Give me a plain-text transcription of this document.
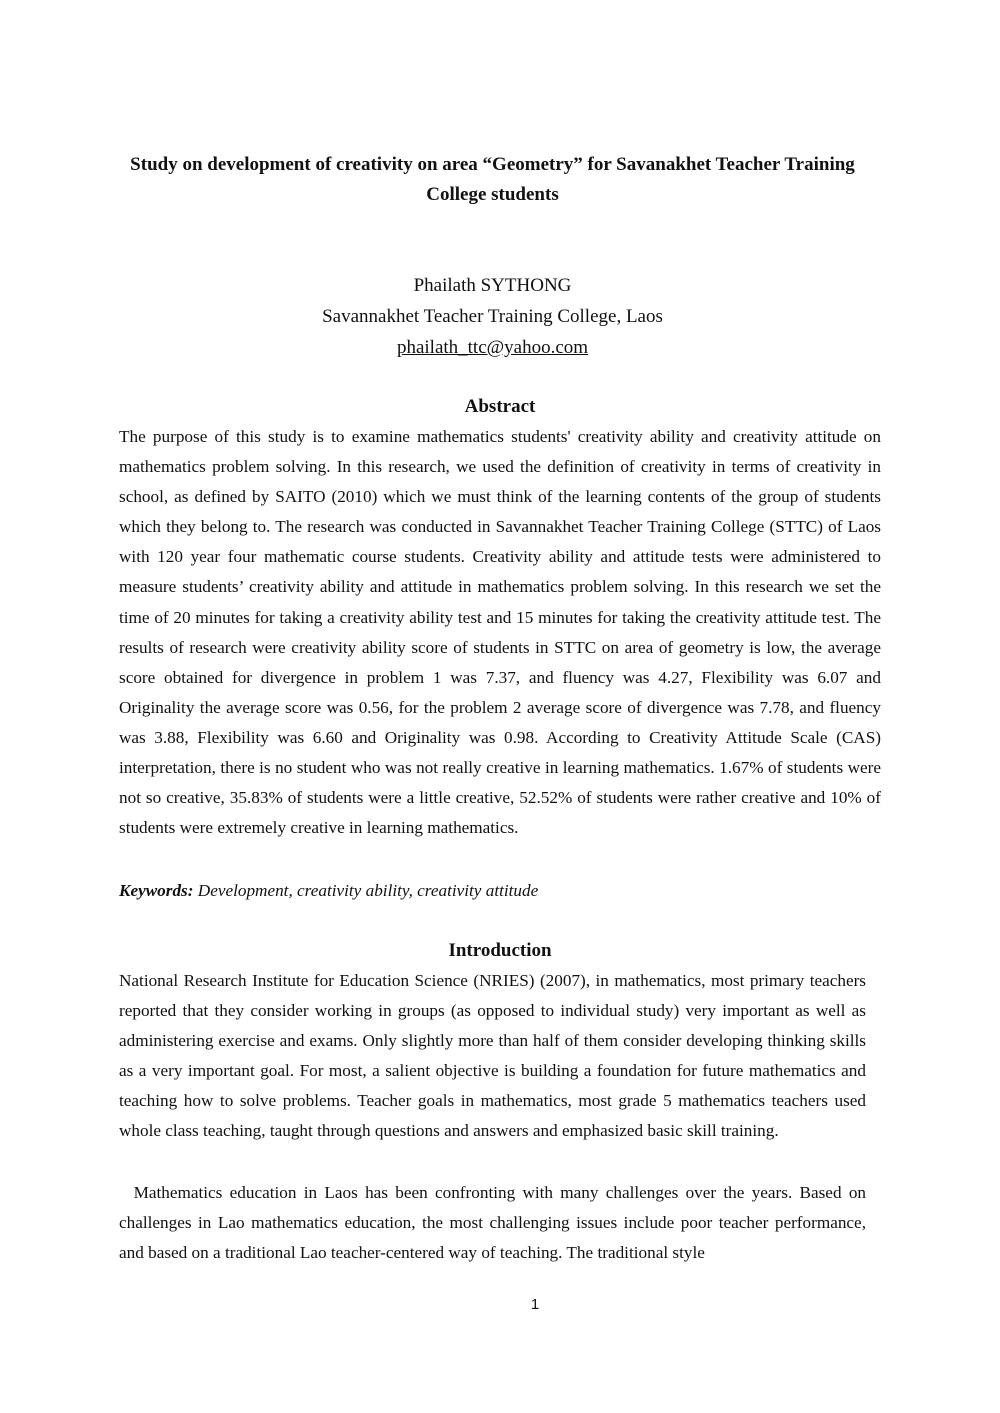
Study on development of creativity on area “Geometry” for Savanakhet Teacher Training College students
Phailath SYTHONG
Savannakhet Teacher Training College, Laos
phailath_ttc@yahoo.com
Abstract

The purpose of this study is to examine mathematics students' creativity ability and creativity attitude on mathematics problem solving. In this research, we used the definition of creativity in terms of creativity in school, as defined by SAITO (2010) which we must think of the learning contents of the group of students which they belong to. The research was conducted in Savannakhet Teacher Training College (STTC) of Laos with 120 year four mathematic course students. Creativity ability and attitude tests were administered to measure students’ creativity ability and attitude in mathematics problem solving. In this research we set the time of 20 minutes for taking a creativity ability test and 15 minutes for taking the creativity attitude test. The results of research were creativity ability score of students in STTC on area of geometry is low, the average score obtained for divergence in problem 1 was 7.37, and fluency was 4.27, Flexibility was 6.07 and Originality the average score was 0.56, for the problem 2 average score of divergence was 7.78, and fluency was 3.88, Flexibility was 6.60 and Originality was 0.98. According to Creativity Attitude Scale (CAS) interpretation, there is no student who was not really creative in learning mathematics. 1.67% of students were not so creative, 35.83% of students were a little creative, 52.52% of students were rather creative and 10% of students were extremely creative in learning mathematics.

Keywords: Development, creativity ability, creativity attitude

Introduction

National Research Institute for Education Science (NRIES) (2007), in mathematics, most primary teachers reported that they consider working in groups (as opposed to individual study) very important as well as administering exercise and exams. Only slightly more than half of them consider developing thinking skills as a very important goal. For most, a salient objective is building a foundation for future mathematics and teaching how to solve problems. Teacher goals in mathematics, most grade 5 mathematics teachers used whole class teaching, taught through questions and answers and emphasized basic skill training.

Mathematics education in Laos has been confronting with many challenges over the years. Based on challenges in Lao mathematics education, the most challenging issues include poor teacher performance, and based on a traditional Lao teacher-centered way of teaching. The traditional style

1
